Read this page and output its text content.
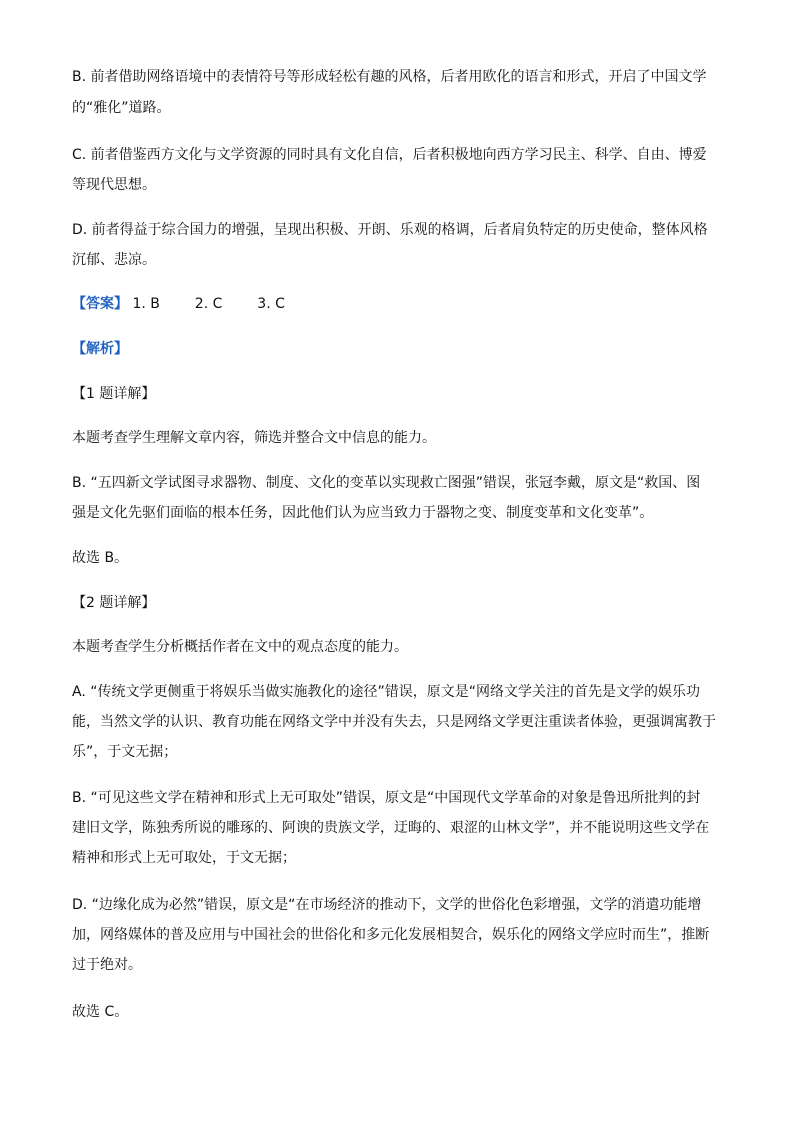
B. 前者借助网络语境中的表情符号等形成轻松有趣的风格，后者用欧化的语言和形式，开启了中国文学
的“雅化”道路。
C. 前者借鉴西方文化与文学资源的同时具有文化自信，后者积极地向西方学习民主、科学、自由、博爱
等现代思想。
D. 前者得益于综合国力的增强，呈现出积极、开朗、乐观的格调，后者肩负特定的历史使命，整体风格
沉郁、悲凉。
【答案】 1. B 2. C 3. C
【解析】
【1 题详解】
本题考查学生理解文章内容，筛选并整合文中信息的能力。
B. “五四新文学试图寻求器物、制度、文化的变革以实现救亡图强”错误，张冠李戴，原文是“救国、图
强是文化先驱们面临的根本任务，因此他们认为应当致力于器物之变、制度变革和文化变革”。
故选 B。
【2 题详解】
本题考查学生分析概括作者在文中的观点态度的能力。
A. “传统文学更侧重于将娱乐当做实施教化的途径”错误，原文是“网络文学关注的首先是文学的娱乐功
能，当然文学的认识、教育功能在网络文学中并没有失去，只是网络文学更注重读者体验，更强调寓教于
乐”，于文无据；
B. “可见这些文学在精神和形式上无可取处”错误，原文是“中国现代文学革命的对象是鲁迅所批判的封
建旧文学，陈独秀所说的雕琢的、阿谀的贵族文学，迂晦的、艰涩的山林文学”，并不能说明这些文学在
精神和形式上无可取处，于文无据；
D. “边缘化成为必然”错误，原文是“在市场经济的推动下，文学的世俗化色彩增强，文学的消遣功能增
加，网络媒体的普及应用与中国社会的世俗化和多元化发展相契合，娱乐化的网络文学应时而生”，推断
过于绝对。
故选 C。
